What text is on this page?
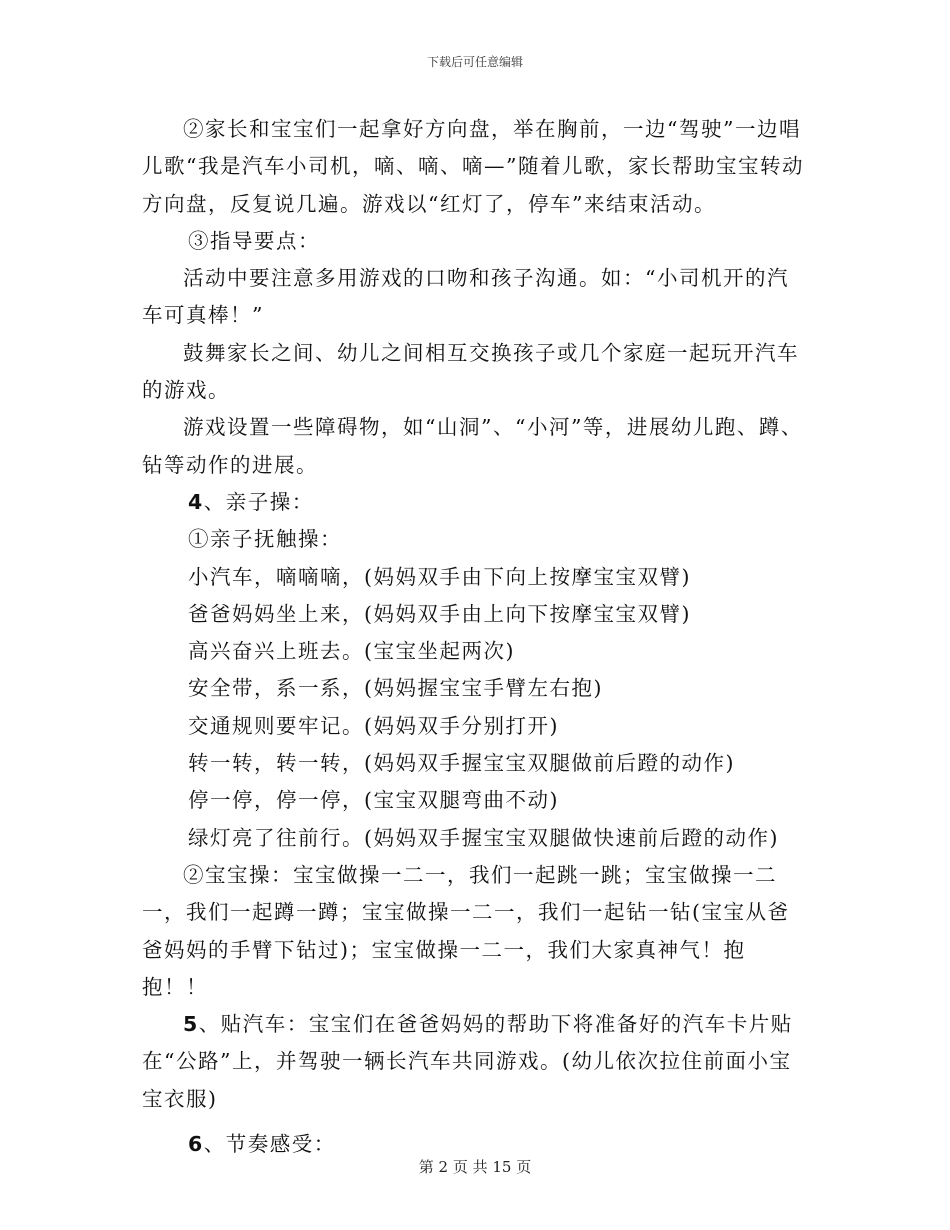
下载后可任意编辑

②家长和宝宝们一起拿好方向盘，举在胸前，一边“驾驶”一边唱儿歌“我是汽车小司机，嘀、嘀、嘀—”随着儿歌，家长帮助宝宝转动方向盘，反复说几遍。游戏以“红灯了，停车”来结束活动。

③指导要点：

活动中要注意多用游戏的口吻和孩子沟通。如：“小司机开的汽车可真棒！”

鼓舞家长之间、幼儿之间相互交换孩子或几个家庭一起玩开汽车的游戏。

游戏设置一些障碍物，如“山洞”、“小河”等，进展幼儿跑、蹲、钻等动作的进展。

4、亲子操：

①亲子抚触操：

小汽车，嘀嘀嘀，(妈妈双手由下向上按摩宝宝双臂)

爸爸妈妈坐上来，(妈妈双手由上向下按摩宝宝双臂)

高兴奋兴上班去。(宝宝坐起两次)

安全带，系一系，(妈妈握宝宝手臂左右抱)

交通规则要牢记。(妈妈双手分别打开)

转一转，转一转，(妈妈双手握宝宝双腿做前后蹬的动作)

停一停，停一停，(宝宝双腿弯曲不动)

绿灯亮了往前行。(妈妈双手握宝宝双腿做快速前后蹬的动作)

②宝宝操：宝宝做操一二一，我们一起跳一跳；宝宝做操一二一，我们一起蹲一蹲；宝宝做操一二一，我们一起钻一钻(宝宝从爸爸妈妈的手臂下钻过)；宝宝做操一二一，我们大家真神气！抱抱！！

5、贴汽车：宝宝们在爸爸妈妈的帮助下将准备好的汽车卡片贴在“公路”上，并驾驶一辆长汽车共同游戏。(幼儿依次拉住前面小宝宝衣服)

6、节奏感受：

第 2 页 共 15 页
